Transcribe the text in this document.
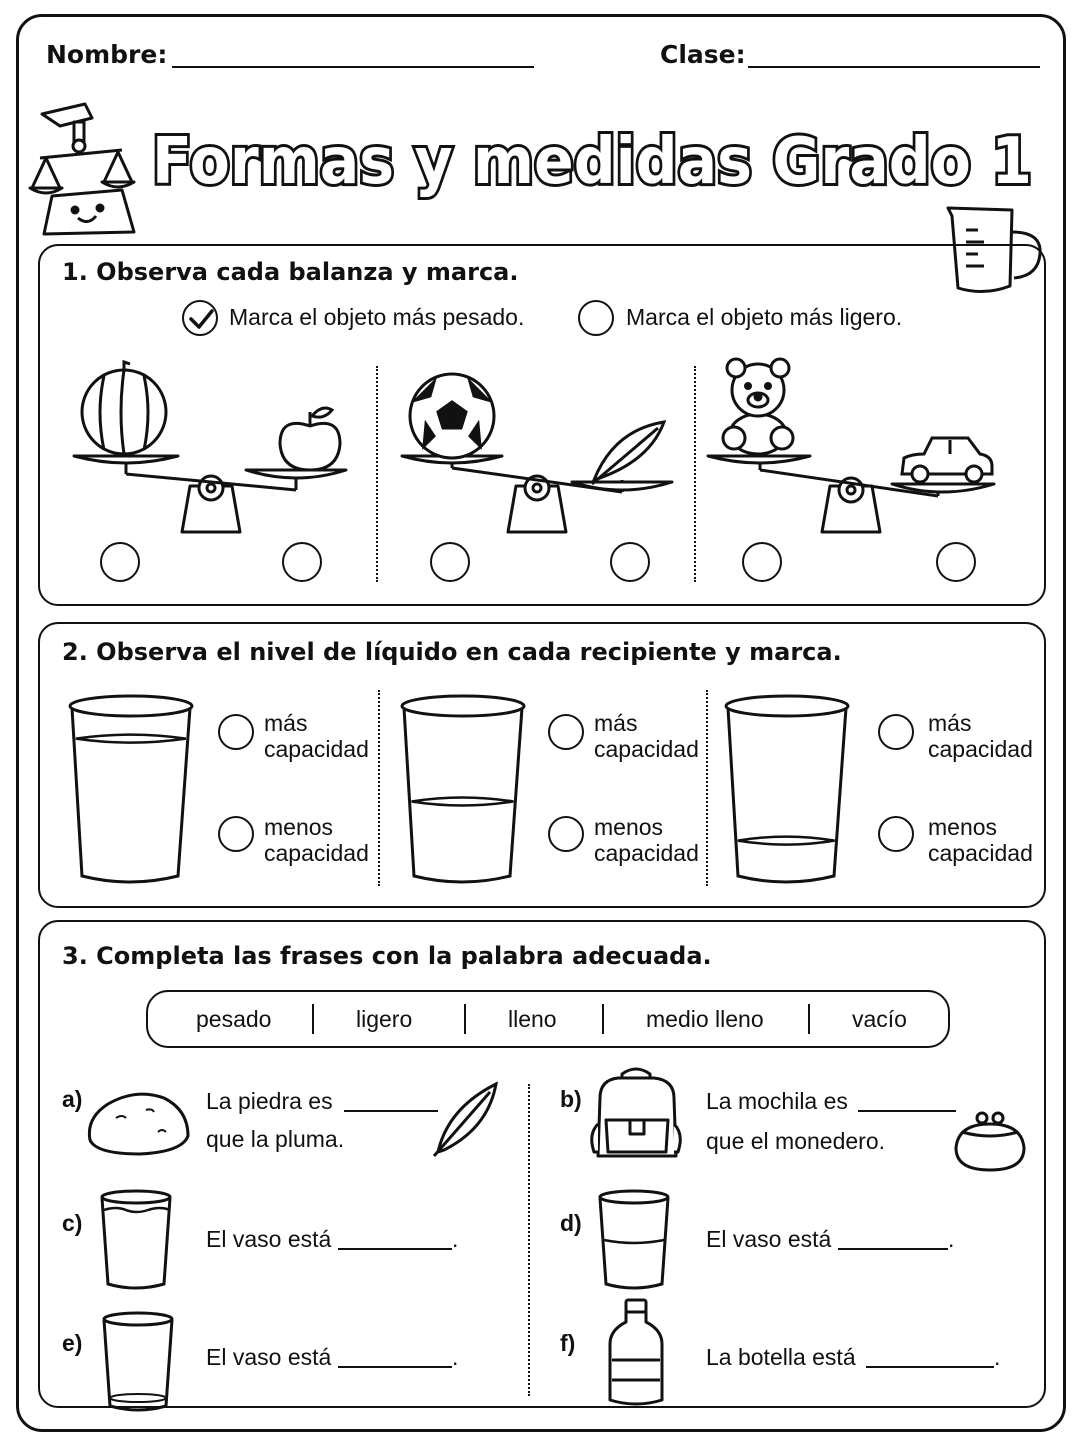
Nombre:	Clase:
Formas y medidas Grado 1
1. Observa cada balanza y marca.
Marca el objeto más pesado.	Marca el objeto más ligero.
2. Observa el nivel de líquido en cada recipiente y marca.
más
capacidad
menos
capacidad
más
capacidad
menos
capacidad
más
capacidad
menos
capacidad
3. Completa las frases con la palabra adecuada.
pesado	ligero	lleno	medio lleno	vacío
a)	La piedra es
que la pluma.
b)	La mochila es
que el monedero.
c)
El vaso está	.
d)
El vaso está	.
e)
El vaso está	.
f)
La botella está	.
